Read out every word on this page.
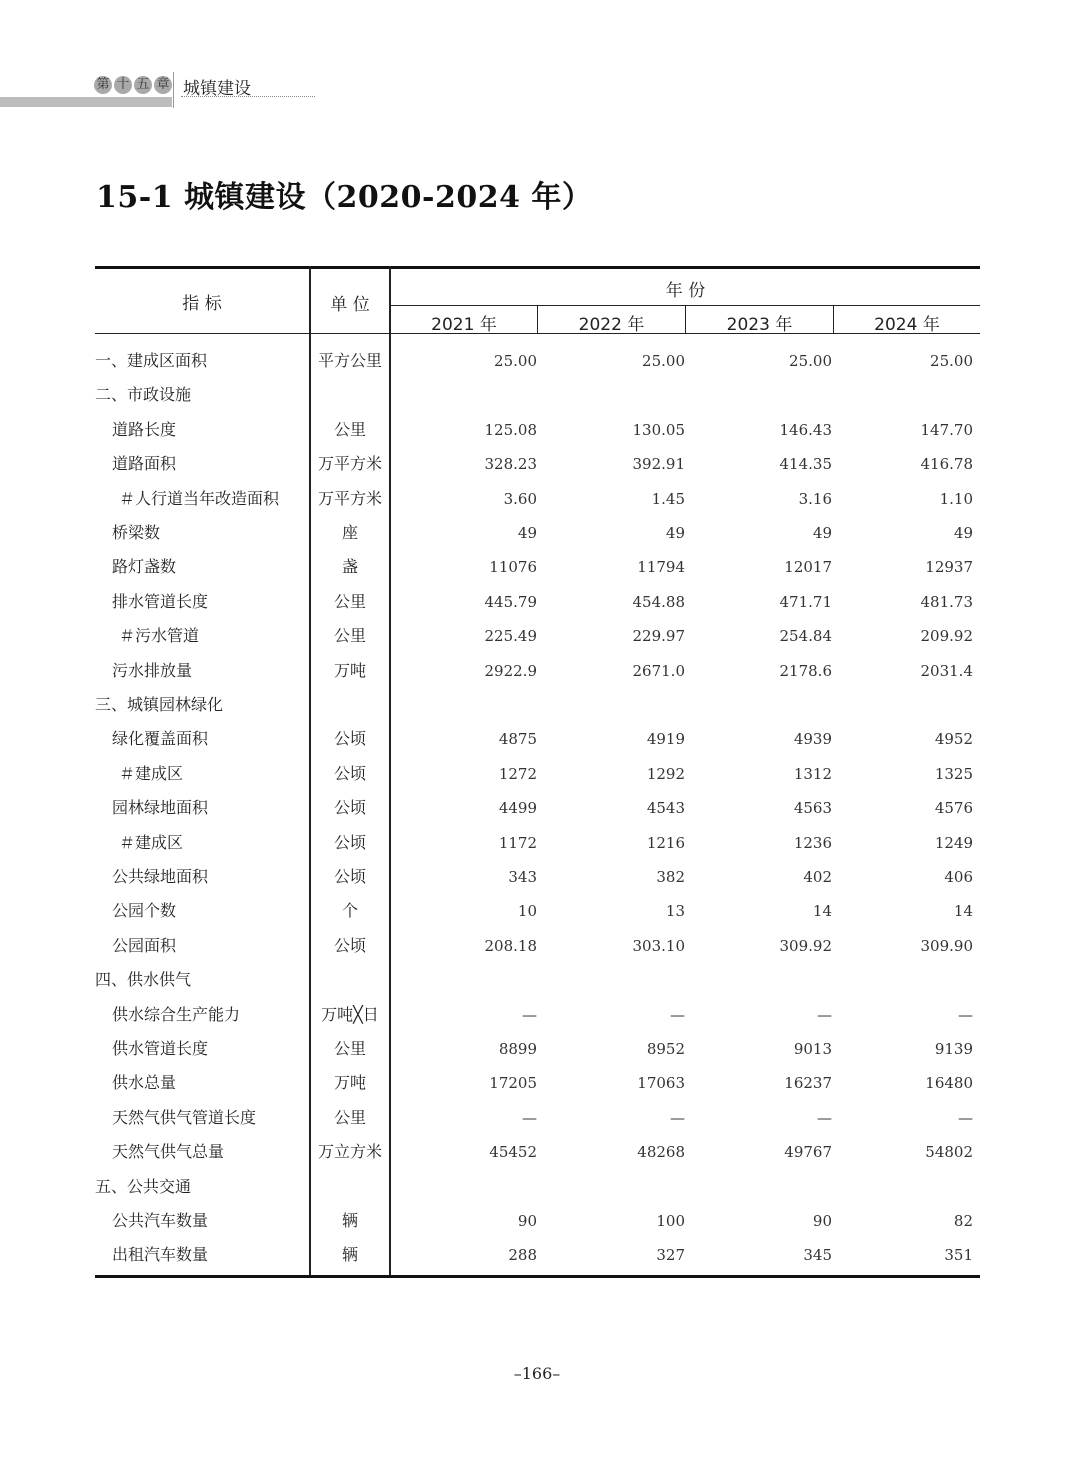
第 十 五 章 城镇建设
15-1 城镇建设（2020-2024 年）
指 标	单 位
年 份
2021 年	2022 年	2023 年	2024 年
一、建成区面积	平方公里	25.00	25.00	25.00	25.00
二、市政设施
道路长度	公里	125.08	130.05	146.43	147.70
道路面积	万平方米	328.23	392.91	414.35	416.78
＃人行道当年改造面积	万平方米	3.60	1.45	3.16	1.10
桥梁数	座	49	49	49	49
路灯盏数	盏	11076	11794	12017	12937
排水管道长度	公里	445.79	454.88	471.71	481.73
＃污水管道	公里	225.49	229.97	254.84	209.92
污水排放量	万吨	2922.9	2671.0	2178.6	2031.4
三、城镇园林绿化
绿化覆盖面积	公顷	4875	4919	4939	4952
＃建成区	公顷	1272	1292	1312	1325
园林绿地面积	公顷	4499	4543	4563	4576
＃建成区	公顷	1172	1216	1236	1249
公共绿地面积	公顷	343	382	402	406
公园个数	个	10	13	14	14
公园面积	公顷	208.18	303.10	309.92	309.90
四、供水供气
供水综合生产能力	万吨╳日	—	—	—	—
供水管道长度	公里	8899	8952	9013	9139
供水总量	万吨	17205	17063	16237	16480
天然气供气管道长度	公里	—	—	—	—
天然气供气总量	万立方米	45452	48268	49767	54802
五、公共交通
公共汽车数量	辆	90	100	90	82
出租汽车数量	辆	288	327	345	351
–166–
